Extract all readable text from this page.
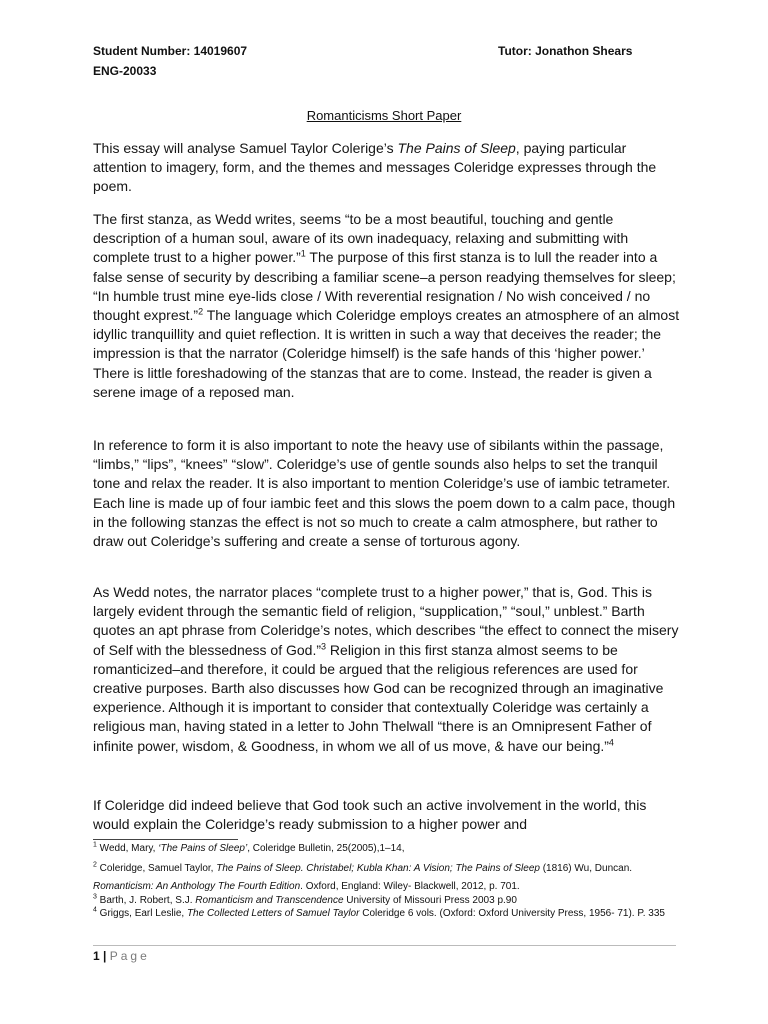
Student Number: 14019607
ENG-20033
Tutor: Jonathon Shears
Romanticisms Short Paper

This essay will analyse Samuel Taylor Colerige’s The Pains of Sleep, paying particular attention to imagery, form, and the themes and messages Coleridge expresses through the poem.

The first stanza, as Wedd writes, seems “to be a most beautiful, touching and gentle description of a human soul, aware of its own inadequacy, relaxing and submitting with complete trust to a higher power.”$^1$ The purpose of this first stanza is to lull the reader into a false sense of security by describing a familiar scene–a person readying themselves for sleep; “In humble trust mine eye-lids close / With reverential resignation / No wish conceived / no thought exprest.”$^2$ The language which Coleridge employs creates an atmosphere of an almost idyllic tranquillity and quiet reflection. It is written in such a way that deceives the reader; the impression is that the narrator (Coleridge himself) is the safe hands of this ‘higher power.’ There is little foreshadowing of the stanzas that are to come. Instead, the reader is given a serene image of a reposed man.

In reference to form it is also important to note the heavy use of sibilants within the passage, “limbs,” “lips”, “knees” “slow”. Coleridge’s use of gentle sounds also helps to set the tranquil tone and relax the reader. It is also important to mention Coleridge’s use of iambic tetrameter. Each line is made up of four iambic feet and this slows the poem down to a calm pace, though in the following stanzas the effect is not so much to create a calm atmosphere, but rather to draw out Coleridge’s suffering and create a sense of torturous agony.

As Wedd notes, the narrator places “complete trust to a higher power,” that is, God. This is largely evident through the semantic field of religion, “supplication,” “soul,” unblest.” Barth quotes an apt phrase from Coleridge’s notes, which describes “the effect to connect the misery of Self with the blessedness of God.”$^3$ Religion in this first stanza almost seems to be romanticized–and therefore, it could be argued that the religious references are used for creative purposes. Barth also discusses how God can be recognized through an imaginative experience. Although it is important to consider that contextually Coleridge was certainly a religious man, having stated in a letter to John Thelwall “there is an Omnipresent Father of infinite power, wisdom, & Goodness, in whom we all of us move, & have our being.”$^4$

If Coleridge did indeed believe that God took such an active involvement in the world, this would explain the Coleridge’s ready submission to a higher power and

$^1$ Wedd, Mary, ‘The Pains of Sleep’, Coleridge Bulletin, 25(2005),1–14,
$^2$ Coleridge, Samuel Taylor, The Pains of Sleep. Christabel; Kubla Khan: A Vision; The Pains of Sleep (1816) Wu, Duncan. Romanticism: An Anthology The Fourth Edition. Oxford, England: Wiley- Blackwell, 2012, p. 701.
$^3$ Barth, J. Robert, S.J. Romanticism and Transcendence University of Missouri Press 2003 p.90
$^4$ Griggs, Earl Leslie, The Collected Letters of Samuel Taylor Coleridge 6 vols. (Oxford: Oxford University Press, 1956- 71). P. 335
1 | Page
